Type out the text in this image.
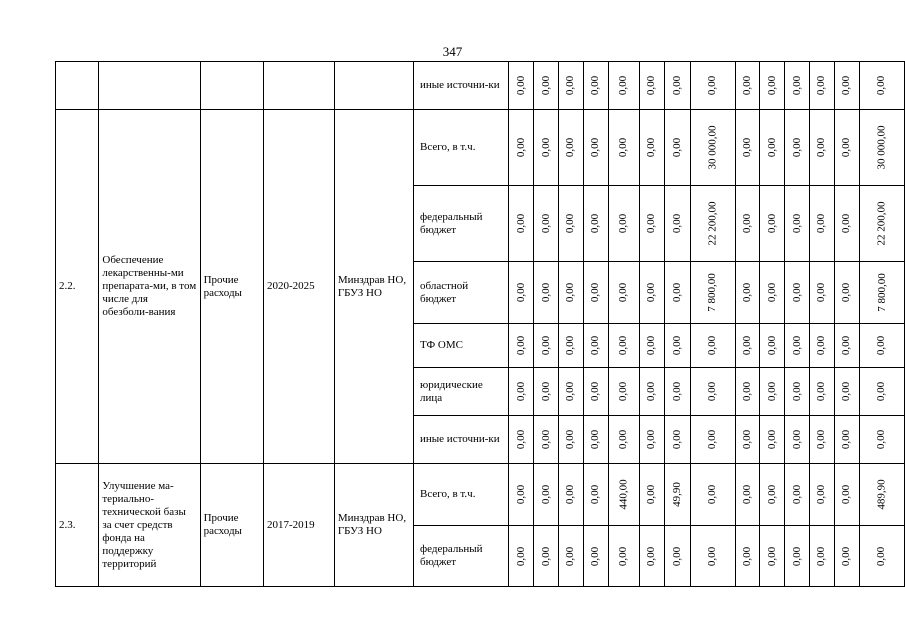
347
					иные источни-ки	0,00	0,00	0,00	0,00	0,00	0,00	0,00	0,00	0,00	0,00	0,00	0,00	0,00	0,00
2.2.	Обеспечение лекарственны-ми препарата-ми, в том числе для обезболи-вания	Прочие расходы	2020-2025	Минздрав НО, ГБУЗ НО	Всего, в т.ч.	0,00	0,00	0,00	0,00	0,00	0,00	0,00	30 000,00	0,00	0,00	0,00	0,00	0,00	30 000,00
					федеральный бюджет	0,00	0,00	0,00	0,00	0,00	0,00	0,00	22 200,00	0,00	0,00	0,00	0,00	0,00	22 200,00
					областной бюджет	0,00	0,00	0,00	0,00	0,00	0,00	0,00	7 800,00	0,00	0,00	0,00	0,00	0,00	7 800,00
					ТФ ОМС	0,00	0,00	0,00	0,00	0,00	0,00	0,00	0,00	0,00	0,00	0,00	0,00	0,00	0,00
					юридические лица	0,00	0,00	0,00	0,00	0,00	0,00	0,00	0,00	0,00	0,00	0,00	0,00	0,00	0,00
					иные источни-ки	0,00	0,00	0,00	0,00	0,00	0,00	0,00	0,00	0,00	0,00	0,00	0,00	0,00	0,00
2.3.	Улучшение ма-териально-технической базы за счет средств фонда на поддержку территорий	Прочие расходы	2017-2019	Минздрав НО, ГБУЗ НО	Всего, в т.ч.	0,00	0,00	0,00	0,00	440,00	0,00	49,90	0,00	0,00	0,00	0,00	0,00	0,00	489,90
					федеральный бюджет	0,00	0,00	0,00	0,00	0,00	0,00	0,00	0,00	0,00	0,00	0,00	0,00	0,00	0,00
